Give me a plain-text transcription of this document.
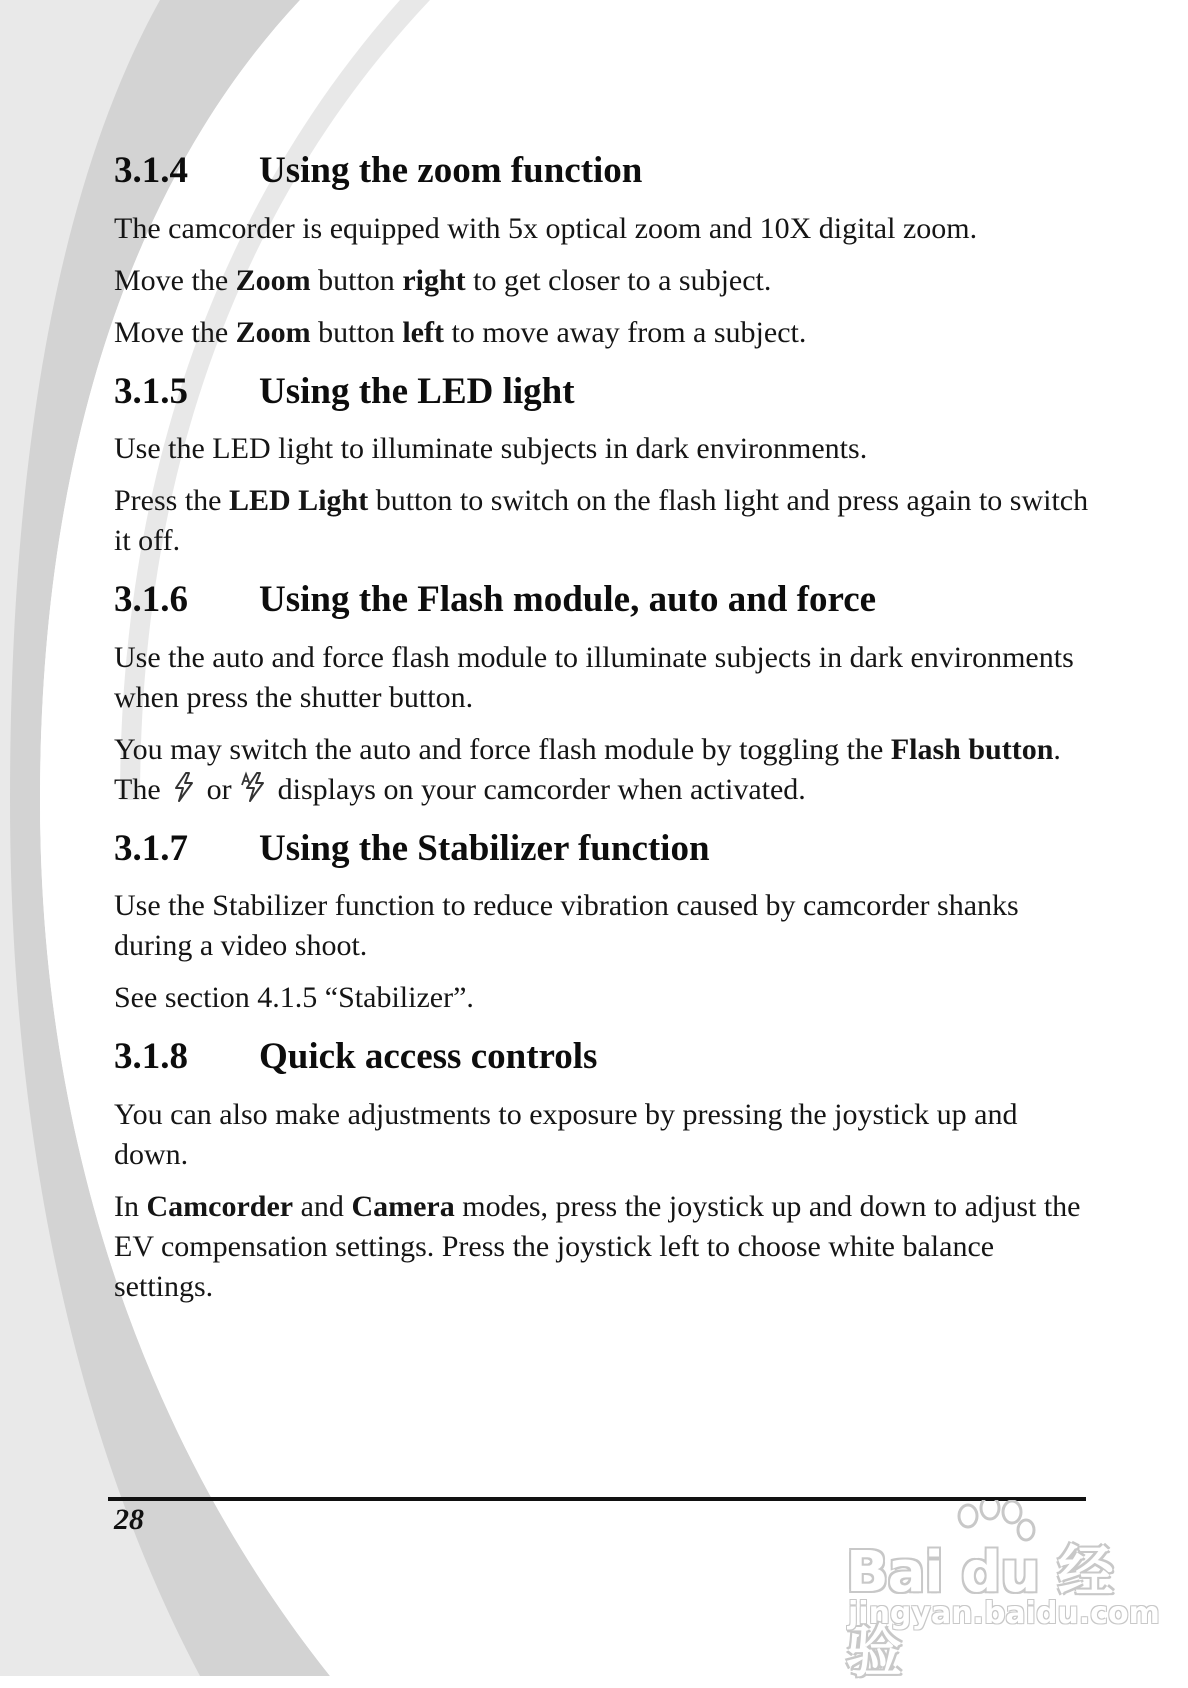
3.1.4	Using the zoom function

The camcorder is equipped with 5x optical zoom and 10X digital zoom.

Move the Zoom button right to get closer to a subject.

Move the Zoom button left to move away from a subject.

3.1.5	Using the LED light

Use the LED light to illuminate subjects in dark environments.

Press the LED Light button to switch on the flash light and press again to switch it off.

3.1.6	Using the Flash module, auto and force

Use the auto and force flash module to illuminate subjects in dark environments when press the shutter button.

You may switch the auto and force flash module by toggling the Flash button. The or displays on your camcorder when activated.

3.1.7	Using the Stabilizer function

Use the Stabilizer function to reduce vibration caused by camcorder shanks during a video shoot.

See section 4.1.5 “Stabilizer”.

3.1.8	Quick access controls

You can also make adjustments to exposure by pressing the joystick up and down.

In Camcorder and Camera modes, press the joystick up and down to adjust the EV compensation settings. Press the joystick left to choose white balance settings.

28
Bai du 经验
jingyan.baidu.com
